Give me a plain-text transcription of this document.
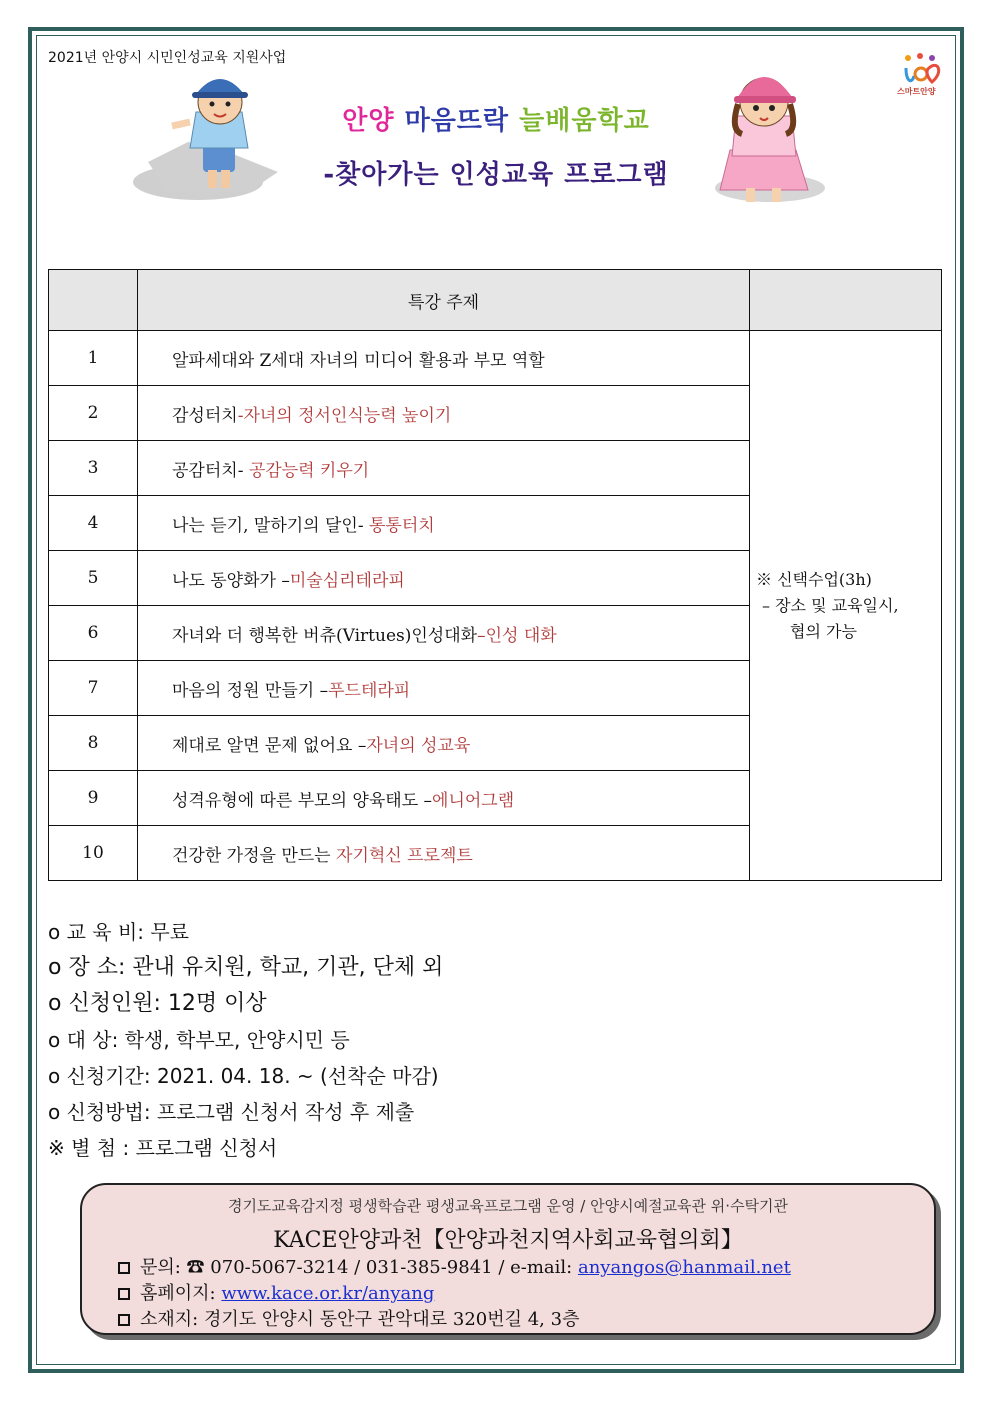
2021년 안양시 시민인성교육 지원사업
스마트안양
안양 마음뜨락 늘배움학교
-찾아가는 인성교육 프로그램
	특강 주제	
1	알파세대와 Z세대 자녀의 미디어 활용과 부모 역할	※ 신택수업(3h)
– 장소 및 교육일시,
협의 가능

2	감성터치-자녀의 정서인식능력 높이기	
3	공감터치- 공감능력 키우기	
4	나는 듣기, 말하기의 달인- 통통터치	
5	나도 동양화가 –미술심리테라피	
6	자녀와 더 행복한 버츄(Virtues)인성대화–인성 대화	
7	마음의 정원 만들기 –푸드테라피	
8	제대로 알면 문제 없어요 –자녀의 성교육	
9	성격유형에 따른 부모의 양육태도 –에니어그램	
10	건강한 가정을 만드는 자기혁신 프로젝트	
o 교 육 비: 무료
o 장 소: 관내 유치원, 학교, 기관, 단체 외
o 신청인원: 12명 이상
o 대 상: 학생, 학부모, 안양시민 등
o 신청기간: 2021. 04. 18. ~ (선착순 마감)
o 신청방법: 프로그램 신청서 작성 후 제출
※ 별 첨 : 프로그램 신청서
경기도교육감지정 평생학습관 평생교육프로그램 운영 / 안양시예절교육관 위·수탁기관
KACE안양과천【안양과천지역사회교육협의회】
문의: ☎ 070-5067-3214 / 031-385-9841 / e-mail: anyangos@hanmail.net
홈페이지: www.kace.or.kr/anyang
소재지: 경기도 안양시 동안구 관악대로 320번길 4, 3층
